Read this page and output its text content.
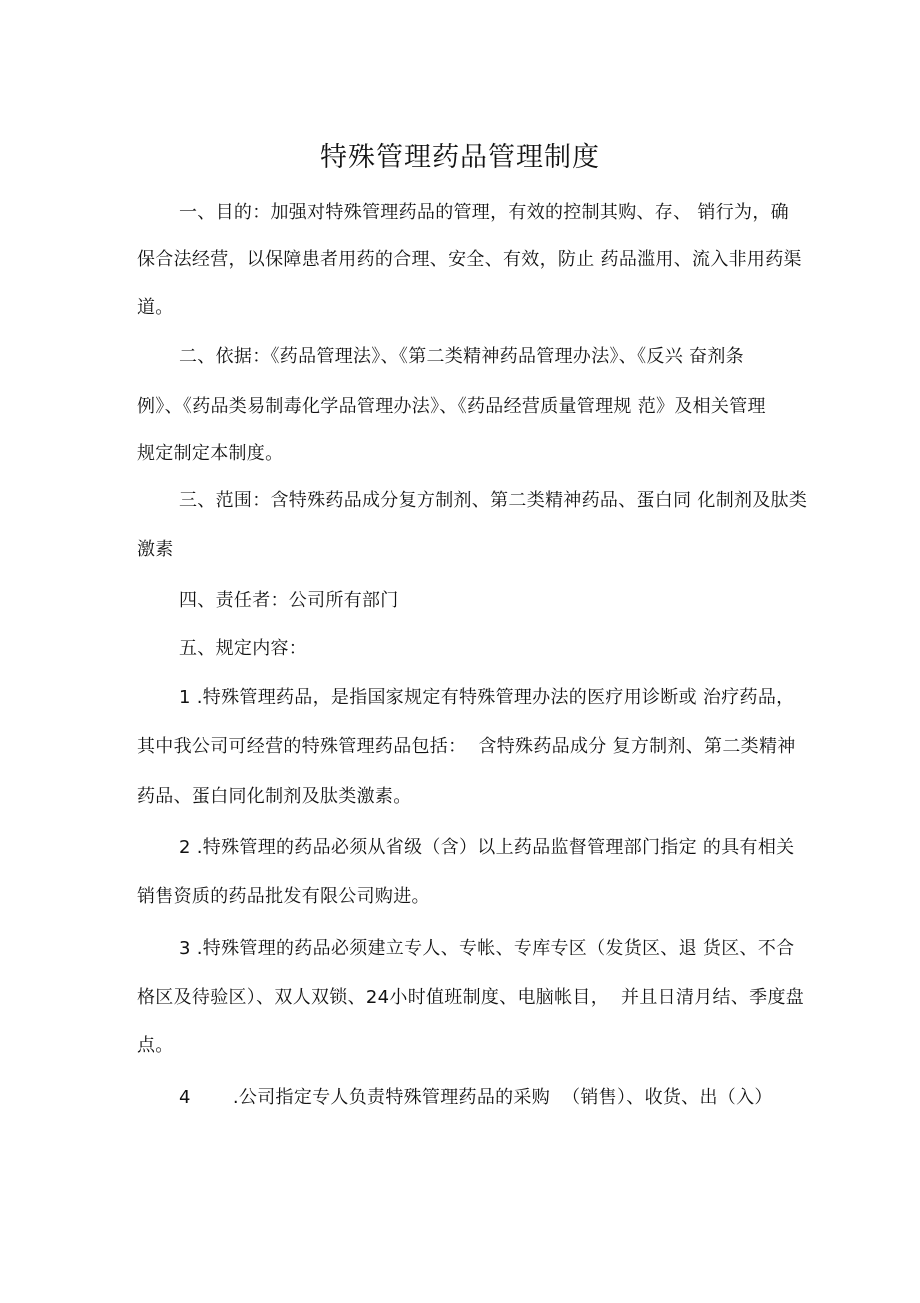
特殊管理药品管理制度
一、目的：加强对特殊管理药品的管理，有效的控制其购、存、 销行为，确
保合法经营，以保障患者用药的合理、安全、有效，防止 药品滥用、流入非用药渠
道。
二、依据：《药品管理法》、《第二类精神药品管理办法》、《反兴 奋剂条
例》、《药品类易制毒化学品管理办法》、《药品经营质量管理规 范》及相关管理
规定制定本制度。
三、范围：含特殊药品成分复方制剂、第二类精神药品、蛋白同 化制剂及肽类
激素
四、责任者：公司所有部门
五、规定内容：
1 .特殊管理药品，是指国家规定有特殊管理办法的医疗用诊断或 治疗药品，
其中我公司可经营的特殊管理药品包括：  含特殊药品成分 复方制剂、第二类精神
药品、蛋白同化制剂及肽类激素。
2 .特殊管理的药品必须从省级（含）以上药品监督管理部门指定 的具有相关
销售资质的药品批发有限公司购进。
3 .特殊管理的药品必须建立专人、专帐、专库专区（发货区、退 货区、不合
格区及待验区）、双人双锁、24小时值班制度、电脑帐目，  并且日清月结、季度盘
点。
4       .公司指定专人负责特殊管理药品的采购  （销售）、收货、出（入）
